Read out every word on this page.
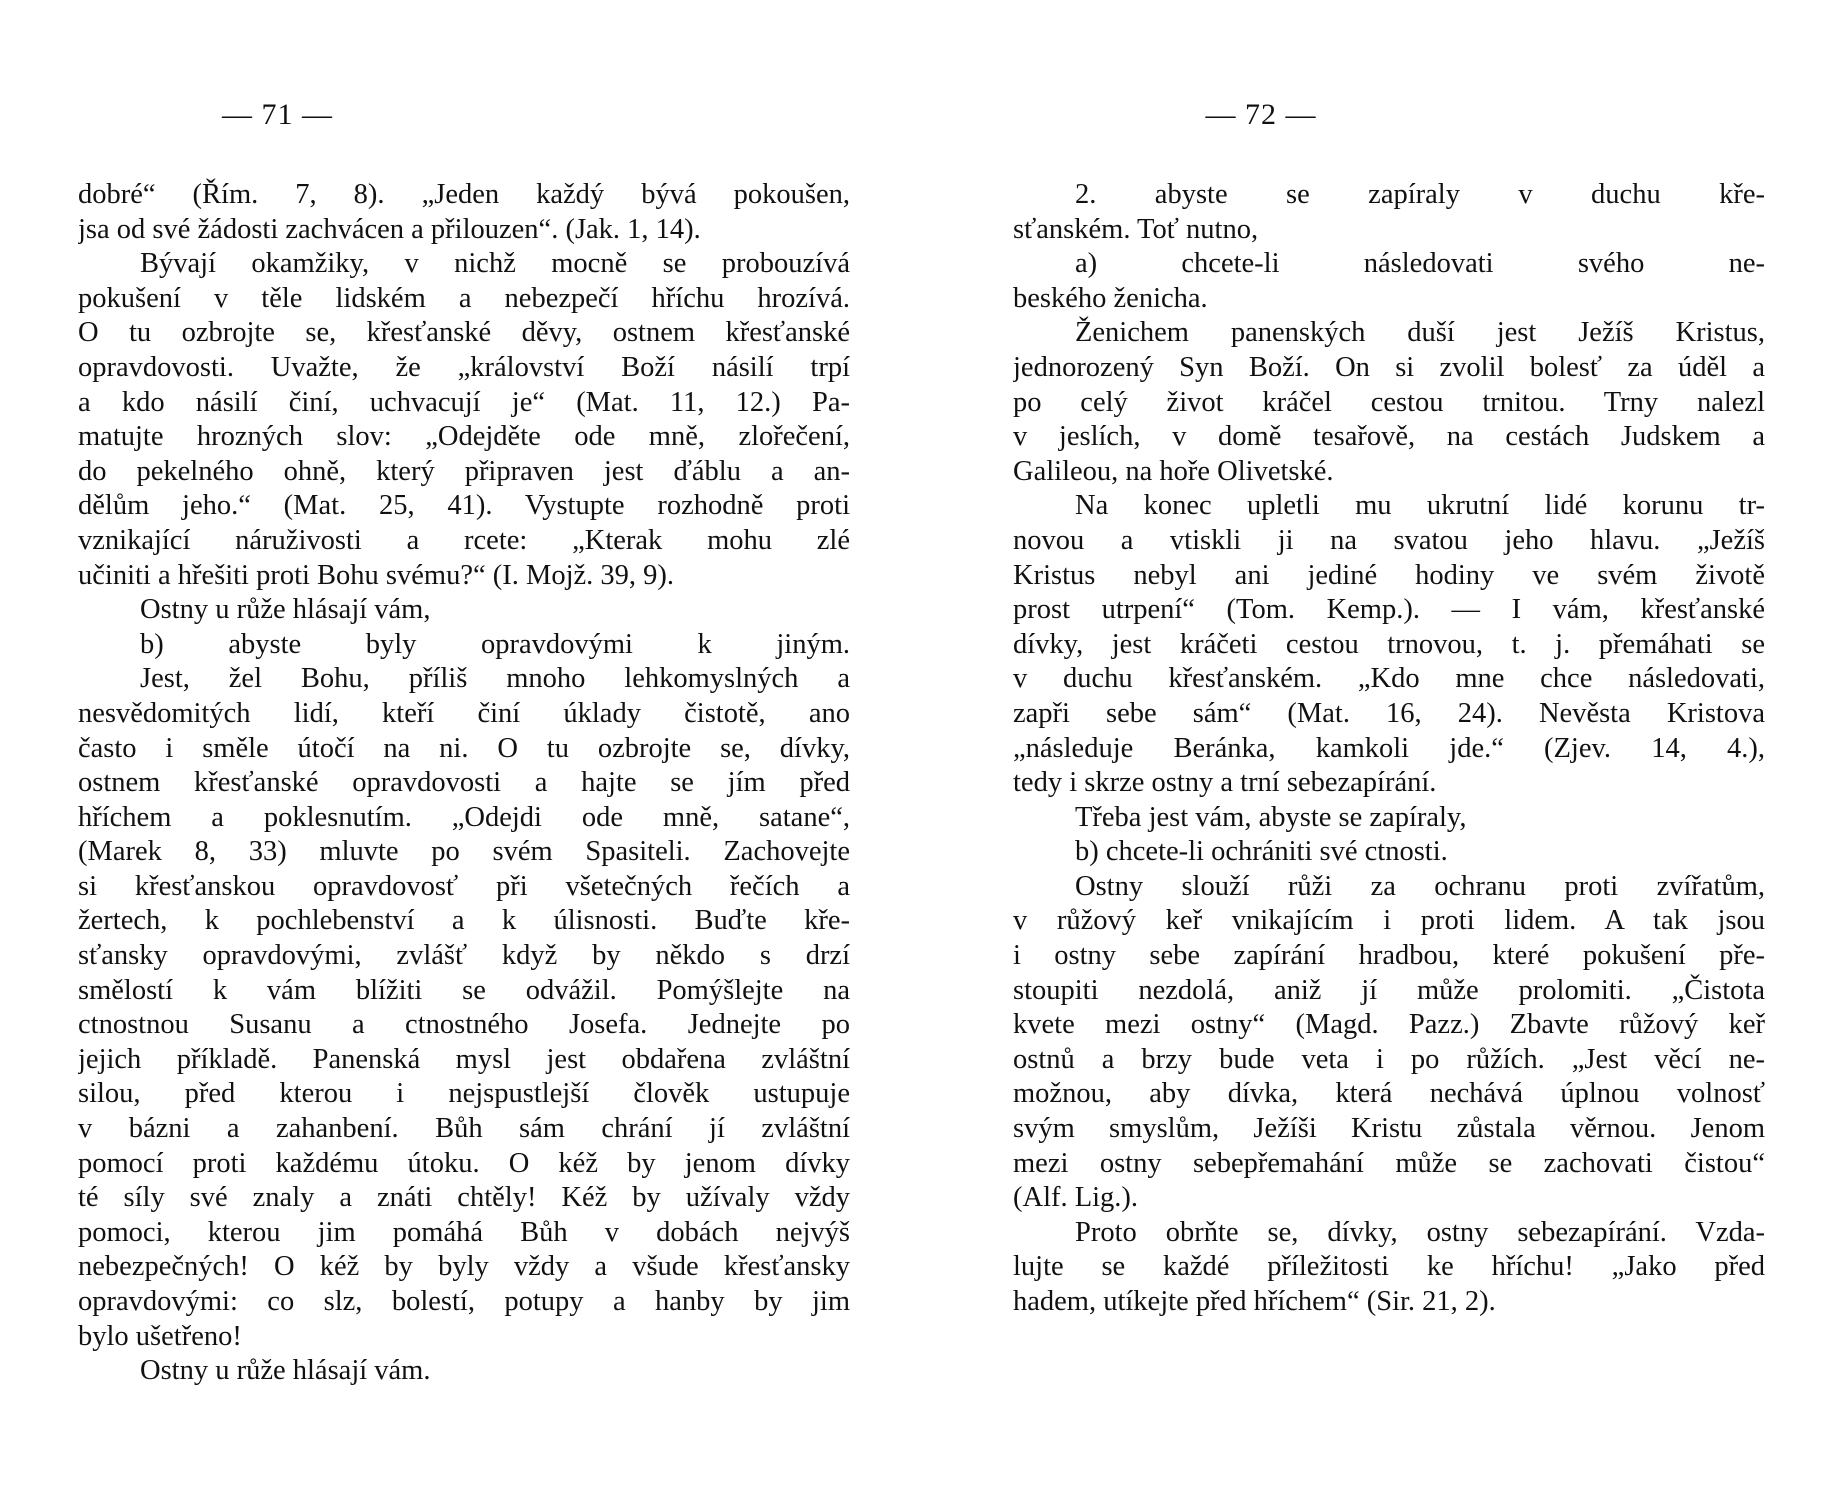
— 71 —
dobré“ (Řím. 7, 8). „Jeden každý bývá pokoušen,
jsa od své žádosti zachvácen a přilouzen“. (Jak. 1, 14).
Bývají okamžiky, v nichž mocně se probouzívá
pokušení v těle lidském a nebezpečí hříchu hrozívá.
O tu ozbrojte se, křesťanské děvy, ostnem křesťanské
opravdovosti. Uvažte, že „království Boží násilí trpí
a kdo násilí činí, uchvacují je“ (Mat. 11, 12.) Pa-
matujte hrozných slov: „Odejděte ode mně, zlořečení,
do pekelného ohně, který připraven jest ďáblu a an-
dělům jeho.“ (Mat. 25, 41). Vystupte rozhodně proti
vznikající náruživosti a rcete: „Kterak mohu zlé
učiniti a hřešiti proti Bohu svému?“ (I. Mojž. 39, 9).
Ostny u růže hlásají vám,
b) abyste byly opravdovými k jiným.
Jest, žel Bohu, příliš mnoho lehkomyslných a
nesvědomitých lidí, kteří činí úklady čistotě, ano
často i směle útočí na ni. O tu ozbrojte se, dívky,
ostnem křesťanské opravdovosti a hajte se jím před
hříchem a poklesnutím. „Odejdi ode mně, satane“,
(Marek 8, 33) mluvte po svém Spasiteli. Zachovejte
si křesťanskou opravdovosť při všetečných řečích a
žertech, k pochlebenství a k úlisnosti. Buďte kře-
sťansky opravdovými, zvlášť když by někdo s drzí
smělostí k vám blížiti se odvážil. Pomýšlejte na
ctnostnou Susanu a ctnostného Josefa. Jednejte po
jejich příkladě. Panenská mysl jest obdařena zvláštní
silou, před kterou i nejspustlejší člověk ustupuje
v bázni a zahanbení. Bůh sám chrání jí zvláštní
pomocí proti každému útoku. O kéž by jenom dívky
té síly své znaly a znáti chtěly! Kéž by užívaly vždy
pomoci, kterou jim pomáhá Bůh v dobách nejvýš
nebezpečných! O kéž by byly vždy a všude křesťansky
opravdovými: co slz, bolestí, potupy a hanby by jim
bylo ušetřeno!
Ostny u růže hlásají vám.
— 72 —
2. abyste se zapíraly v duchu kře-
sťanském. Toť nutno,
a) chcete-li následovati svého ne-
beského ženicha.
Ženichem panenských duší jest Ježíš Kristus,
jednorozený Syn Boží. On si zvolil bolesť za úděl a
po celý život kráčel cestou trnitou. Trny nalezl
v jeslích, v domě tesařově, na cestách Judskem a
Galileou, na hoře Olivetské.
Na konec upletli mu ukrutní lidé korunu tr-
novou a vtiskli ji na svatou jeho hlavu. „Ježíš
Kristus nebyl ani jediné hodiny ve svém životě
prost utrpení“ (Tom. Kemp.). — I vám, křesťanské
dívky, jest kráčeti cestou trnovou, t. j. přemáhati se
v duchu křesťanském. „Kdo mne chce následovati,
zapři sebe sám“ (Mat. 16, 24). Nevěsta Kristova
„následuje Beránka, kamkoli jde.“ (Zjev. 14, 4.),
tedy i skrze ostny a trní sebezapírání.
Třeba jest vám, abyste se zapíraly,
b) chcete-li ochrániti své ctnosti.
Ostny slouží růži za ochranu proti zvířatům,
v růžový keř vnikajícím i proti lidem. A tak jsou
i ostny sebe zapírání hradbou, které pokušení pře-
stoupiti nezdolá, aniž jí může prolomiti. „Čistota
kvete mezi ostny“ (Magd. Pazz.) Zbavte růžový keř
ostnů a brzy bude veta i po růžích. „Jest věcí ne-
možnou, aby dívka, která nechává úplnou volnosť
svým smyslům, Ježíši Kristu zůstala věrnou. Jenom
mezi ostny sebepřemahání může se zachovati čistou“
(Alf. Lig.).
Proto obrňte se, dívky, ostny sebezapírání. Vzda-
lujte se každé příležitosti ke hříchu! „Jako před
hadem, utíkejte před hříchem“ (Sir. 21, 2).
